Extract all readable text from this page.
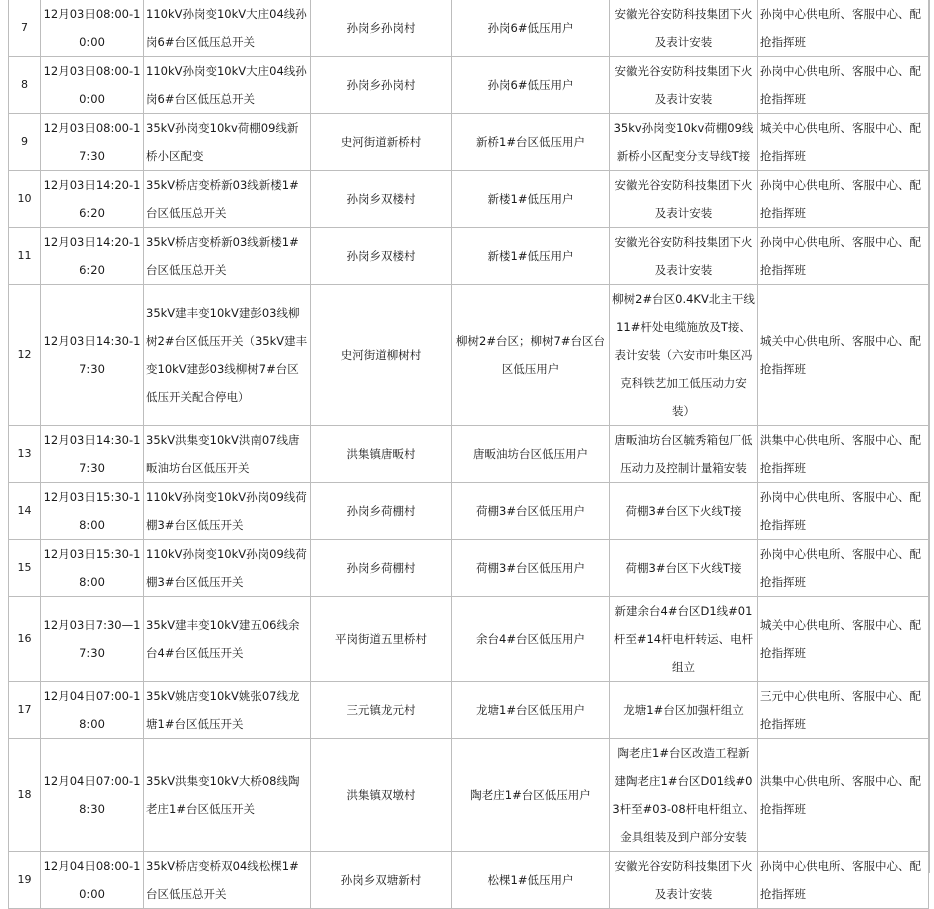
7	12月03日08:00-10:00	110kV孙岗变10kV大庄04线孙岗6#台区低压总开关	孙岗乡孙岗村	孙岗6#低压用户	安徽光谷安防科技集团下火及表计安装	孙岗中心供电所、客服中心、配抢指挥班
8	12月03日08:00-10:00	110kV孙岗变10kV大庄04线孙岗6#台区低压总开关	孙岗乡孙岗村	孙岗6#低压用户	安徽光谷安防科技集团下火及表计安装	孙岗中心供电所、客服中心、配抢指挥班
9	12月03日08:00-17:30	35kV孙岗变10kv荷棚09线新桥小区配变	史河街道新桥村	新桥1#台区低压用户	35kv孙岗变10kv荷棚09线新桥小区配变分支导线T接	城关中心供电所、客服中心、配抢指挥班
10	12月03日14:20-16:20	35kV桥店变桥新03线新楼1#台区低压总开关	孙岗乡双楼村	新楼1#低压用户	安徽光谷安防科技集团下火及表计安装	孙岗中心供电所、客服中心、配抢指挥班
11	12月03日14:20-16:20	35kV桥店变桥新03线新楼1#台区低压总开关	孙岗乡双楼村	新楼1#低压用户	安徽光谷安防科技集团下火及表计安装	孙岗中心供电所、客服中心、配抢指挥班
12	12月03日14:30-17:30	35kV建丰变10kV建彭03线柳树2#台区低压开关（35kV建丰变10kV建彭03线柳树7#台区低压开关配合停电）	史河街道柳树村	柳树2#台区；柳树7#台区台区低压用户	柳树2#台区0.4KV北主干线11#杆处电缆施放及T接、表计安装（六安市叶集区冯克科铁艺加工低压动力安装）	城关中心供电所、客服中心、配抢指挥班
13	12月03日14:30-17:30	35kV洪集变10kV洪南07线唐畈油坊台区低压开关	洪集镇唐畈村	唐畈油坊台区低压用户	唐畈油坊台区毓秀箱包厂低压动力及控制计量箱安装	洪集中心供电所、客服中心、配抢指挥班
14	12月03日15:30-18:00	110kV孙岗变10kV孙岗09线荷棚3#台区低压开关	孙岗乡荷棚村	荷棚3#台区低压用户	荷棚3#台区下火线T接	孙岗中心供电所、客服中心、配抢指挥班
15	12月03日15:30-18:00	110kV孙岗变10kV孙岗09线荷棚3#台区低压开关	孙岗乡荷棚村	荷棚3#台区低压用户	荷棚3#台区下火线T接	孙岗中心供电所、客服中心、配抢指挥班
16	12月03日7:30—17:30	35kV建丰变10kV建五06线余台4#台区低压开关	平岗街道五里桥村	余台4#台区低压用户	新建余台4#台区D1线#01杆至#14杆电杆转运、电杆组立	城关中心供电所、客服中心、配抢指挥班
17	12月04日07:00-18:00	35kV姚店变10kV姚张07线龙塘1#台区低压开关	三元镇龙元村	龙塘1#台区低压用户	龙塘1#台区加强杆组立	三元中心供电所、客服中心、配抢指挥班
18	12月04日07:00-18:30	35kV洪集变10kV大桥08线陶老庄1#台区低压开关	洪集镇双墩村	陶老庄1#台区低压用户	陶老庄1#台区改造工程新建陶老庄1#台区D01线#03杆至#03-08杆电杆组立、金具组装及到户部分安装	洪集中心供电所、客服中心、配抢指挥班
19	12月04日08:00-10:00	35kV桥店变桥双04线松棵1#台区低压总开关	孙岗乡双塘新村	松棵1#低压用户	安徽光谷安防科技集团下火及表计安装	孙岗中心供电所、客服中心、配抢指挥班
